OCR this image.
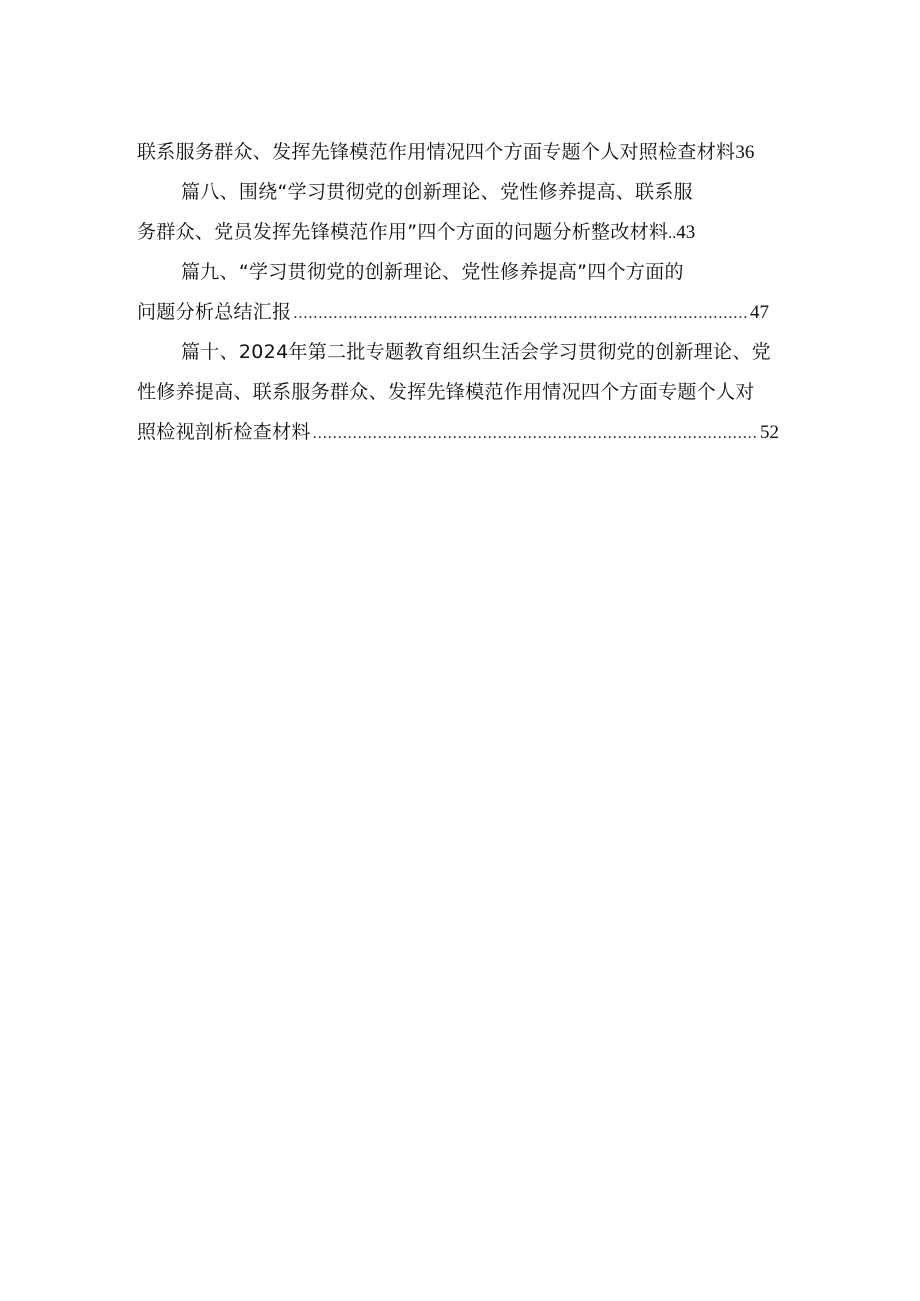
联系服务群众、发挥先锋模范作用情况四个方面专题个人对照检查材料 36
篇八、围绕“学习贯彻党的创新理论、党性修养提高、联系服
务群众、党员发挥先锋模范作用”四个方面的问题分析整改材料 .. 43
篇九、“学习贯彻党的创新理论、党性修养提高”四个方面的
问题分析总结汇报 .....	47
篇十、2024年第二批专题教育组织生活会学习贯彻党的创新理论、党
性修养提高、联系服务群众、发挥先锋模范作用情况四个方面专题个人对
照检视剖析检查材料 .....	52
